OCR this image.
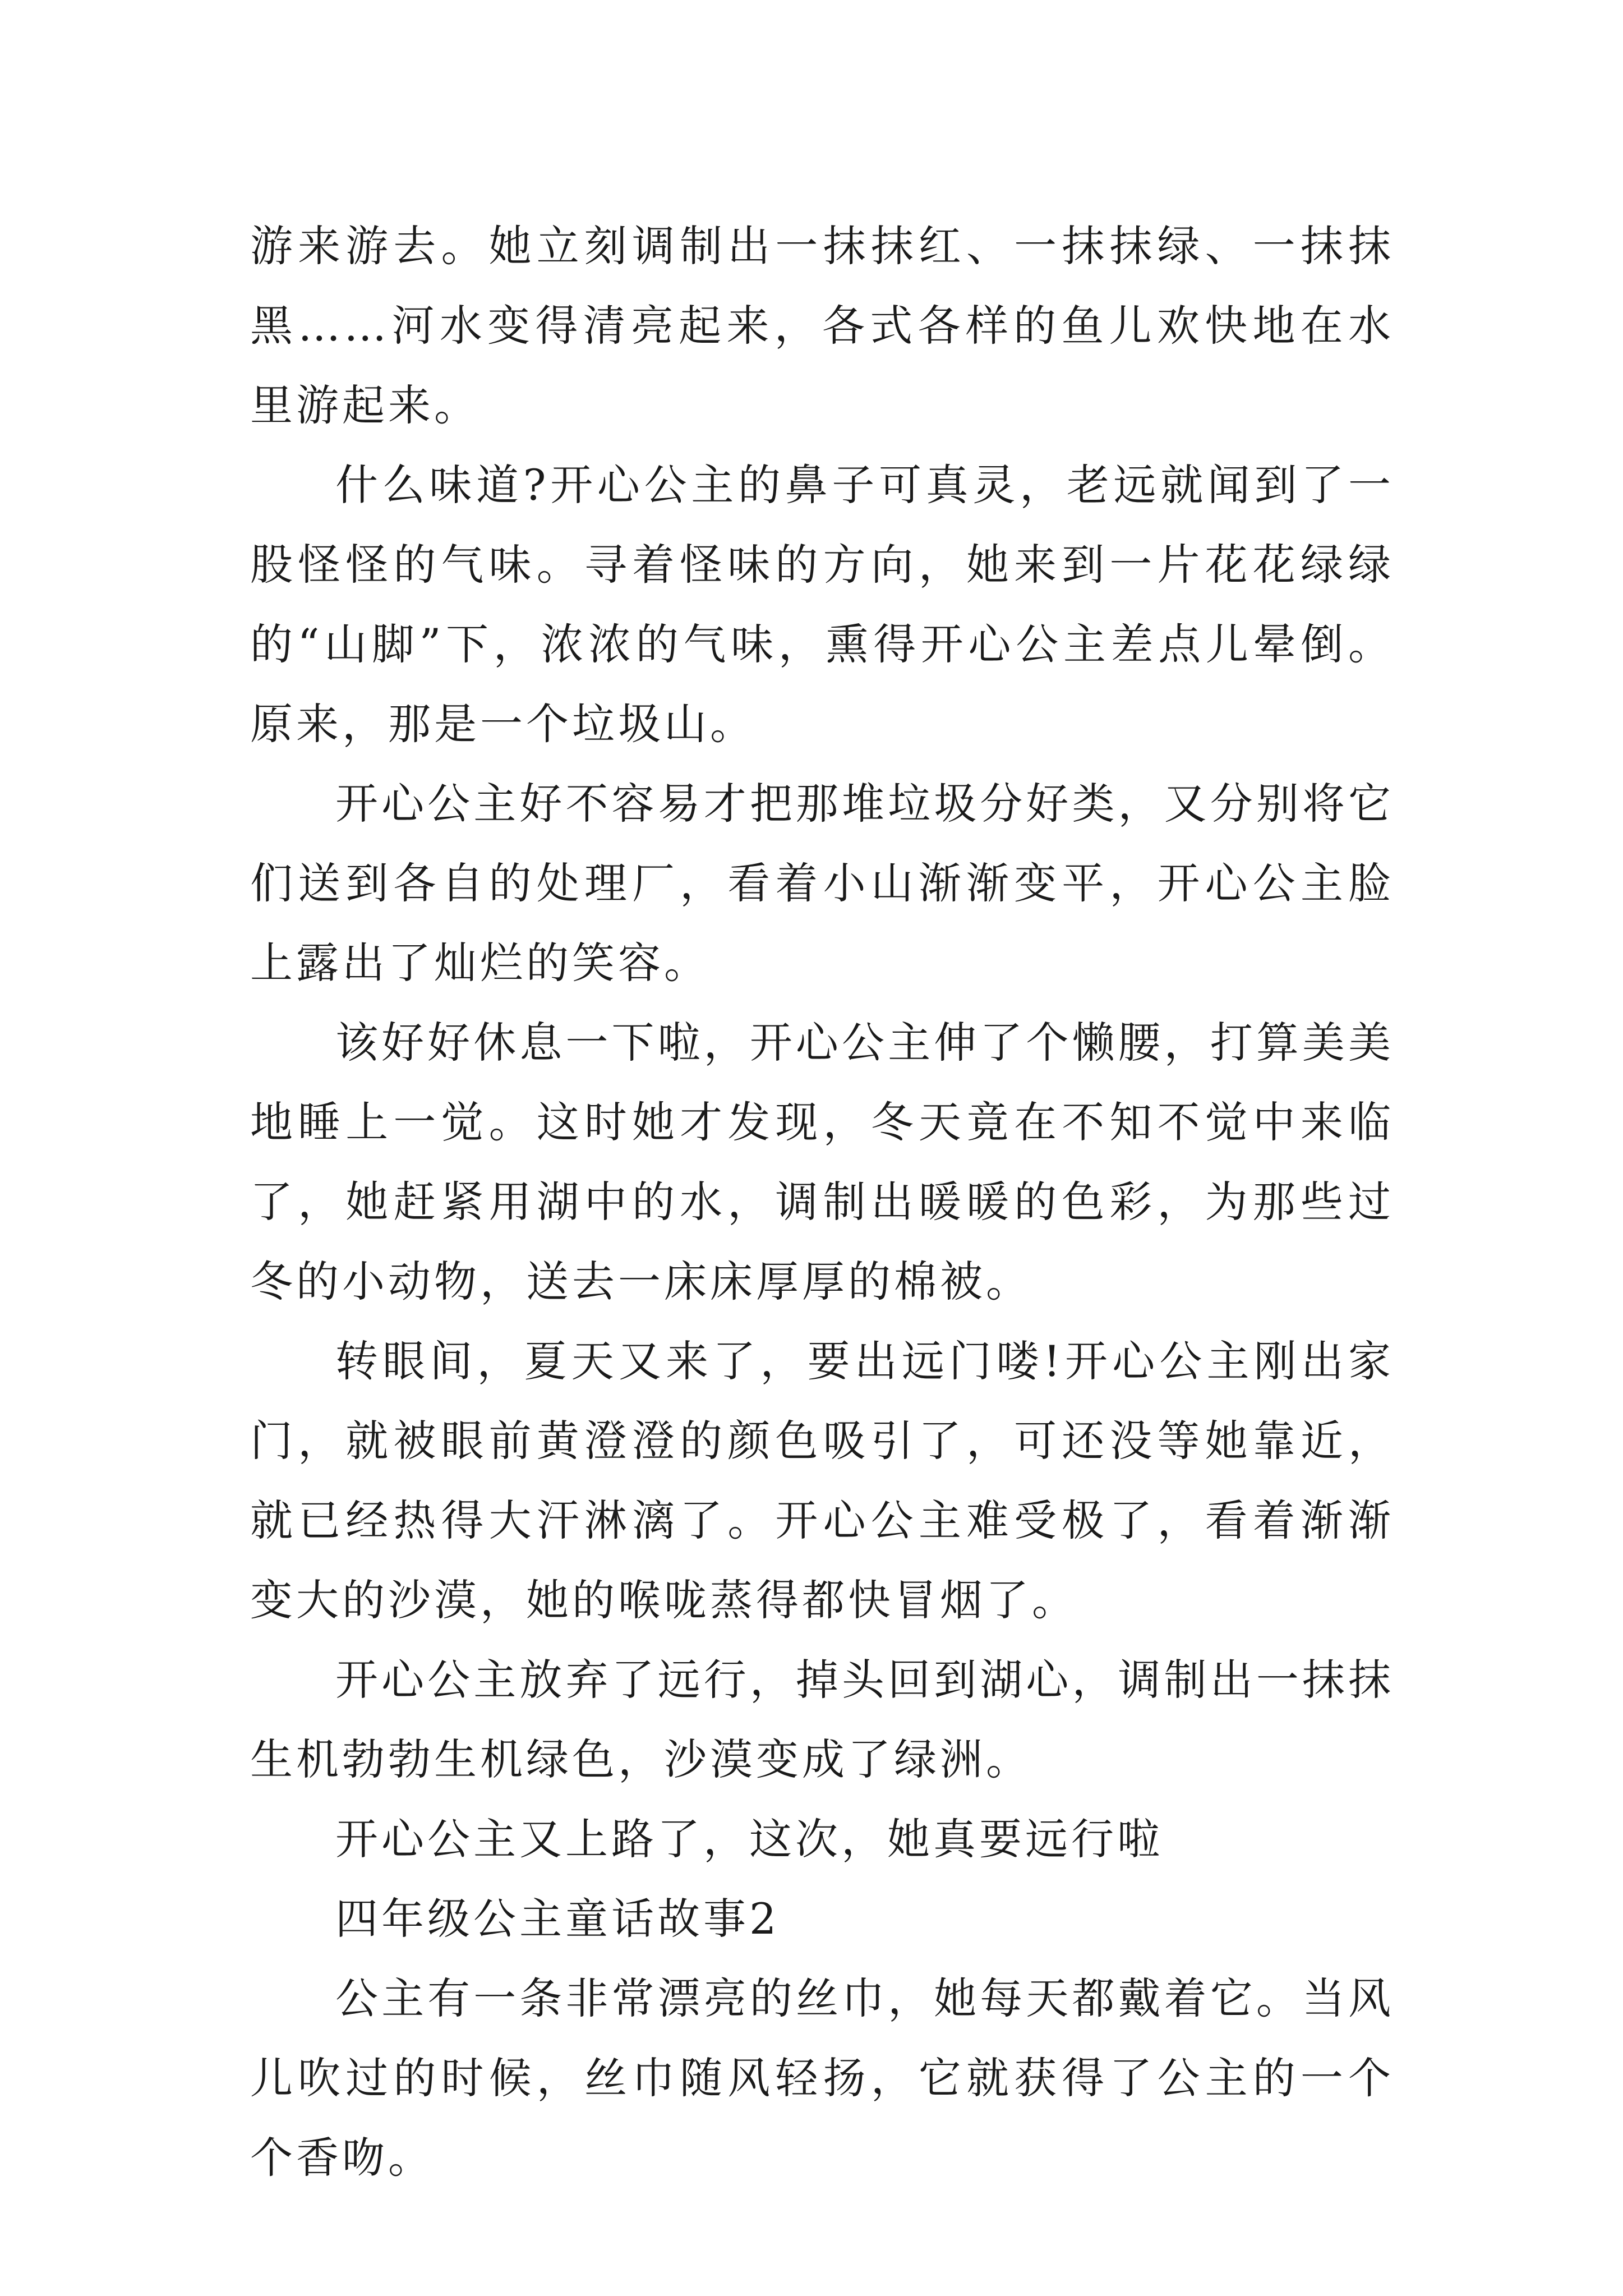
游来游去。她立刻调制出一抹抹红、一抹抹绿、一抹抹黑……河水变得清亮起来，各式各样的鱼儿欢快地在水里游起来。

什么味道?开心公主的鼻子可真灵，老远就闻到了一股怪怪的气味。寻着怪味的方向，她来到一片花花绿绿的“山脚”下，浓浓的气味，熏得开心公主差点儿晕倒。原来，那是一个垃圾山。

开心公主好不容易才把那堆垃圾分好类，又分别将它们送到各自的处理厂，看着小山渐渐变平，开心公主脸上露出了灿烂的笑容。

该好好休息一下啦，开心公主伸了个懒腰，打算美美地睡上一觉。这时她才发现，冬天竟在不知不觉中来临了，她赶紧用湖中的水，调制出暖暖的色彩，为那些过冬的小动物，送去一床床厚厚的棉被。

转眼间，夏天又来了，要出远门喽!开心公主刚出家门，就被眼前黄澄澄的颜色吸引了，可还没等她靠近，就已经热得大汗淋漓了。开心公主难受极了，看着渐渐变大的沙漠，她的喉咙蒸得都快冒烟了。

开心公主放弃了远行，掉头回到湖心，调制出一抹抹生机勃勃生机绿色，沙漠变成了绿洲。

开心公主又上路了，这次，她真要远行啦

四年级公主童话故事2

公主有一条非常漂亮的丝巾，她每天都戴着它。当风儿吹过的时候，丝巾随风轻扬，它就获得了公主的一个个香吻。
